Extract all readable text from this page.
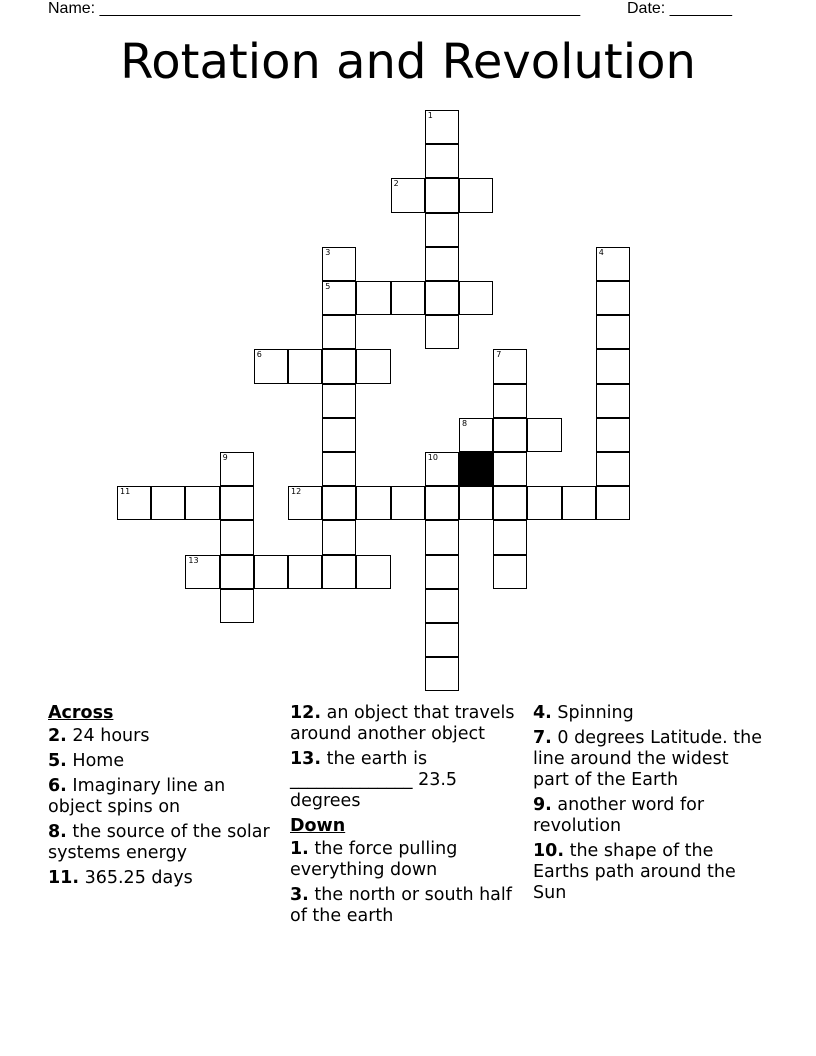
Name: ______________________________________________________	Date: _______
Rotation and Revolution
1
2
3
5
4
6	7
8
9	10
11	12
13
Across
2. 24 hours
5. Home
6. Imaginary line an object spins on
8. the source of the solar systems energy
11. 365.25 days
12. an object that travels around another object
13. the earth is ______________ 23.5 degrees
Down
1. the force pulling everything down
3. the north or south half of the earth
4. Spinning
7. 0 degrees Latitude. the line around the widest part of the Earth
9. another word for revolution
10. the shape of the Earths path around the Sun
